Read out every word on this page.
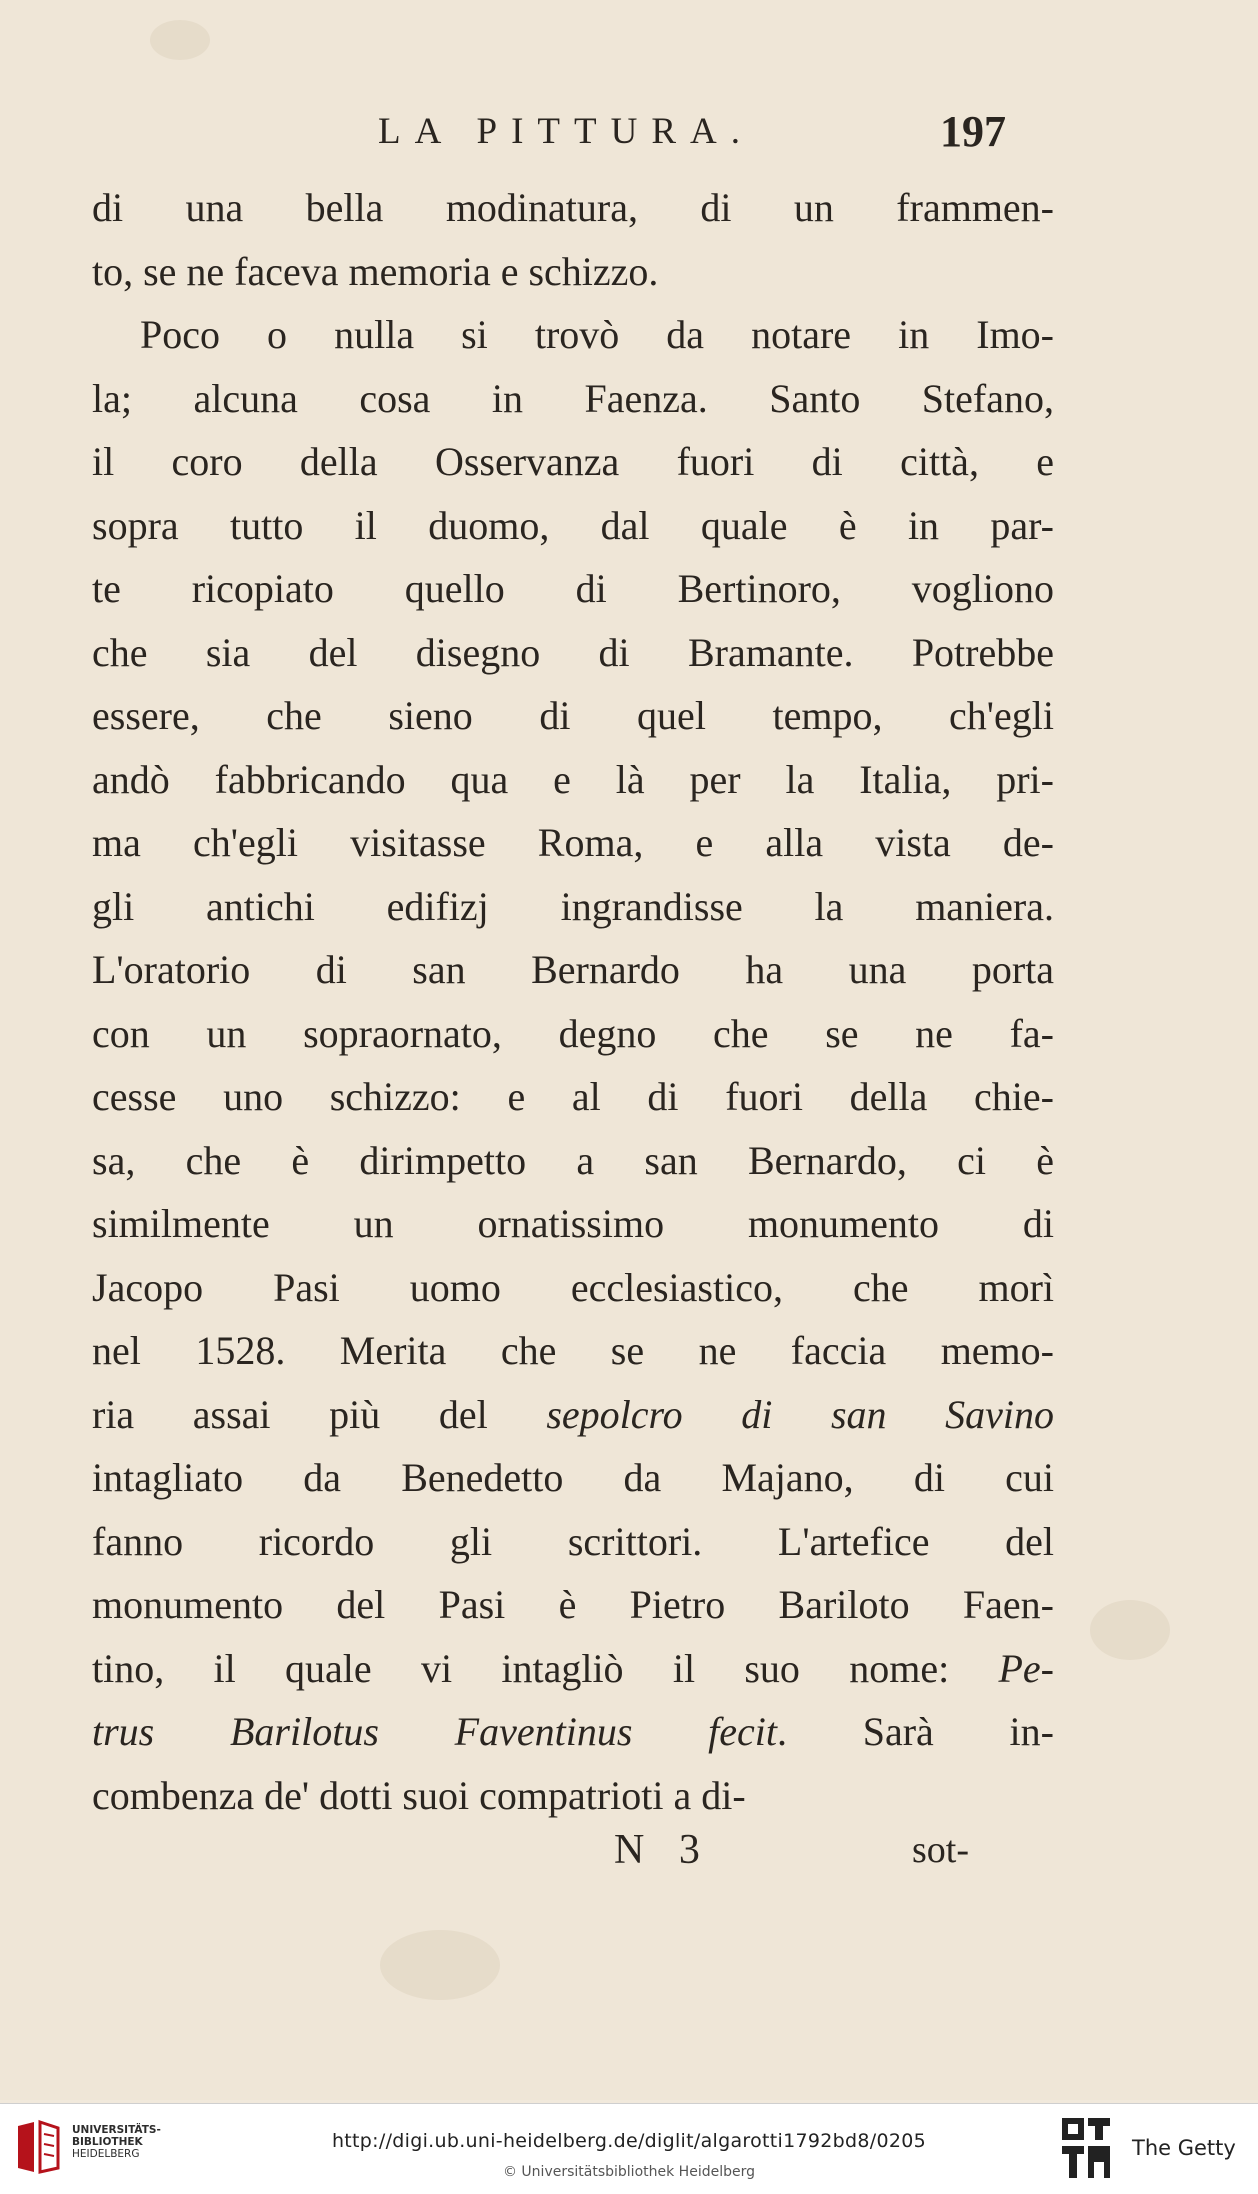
LA PITTURA.	197
di una bella modinatura, di un frammen-
to, se ne faceva memoria e schizzo.
Poco o nulla si trovò da notare in Imo-
la; alcuna cosa in Faenza. Santo Stefano,
il coro della Osservanza fuori di città, e
sopra tutto il duomo, dal quale è in par-
te ricopiato quello di Bertinoro, vogliono
che sia del disegno di Bramante. Potrebbe
essere, che sieno di quel tempo, ch'egli
andò fabbricando qua e là per la Italia, pri-
ma ch'egli visitasse Roma, e alla vista de-
gli antichi edifizj ingrandisse la maniera.
L'oratorio di san Bernardo ha una porta
con un sopraornato, degno che se ne fa-
cesse uno schizzo: e al di fuori della chie-
sa, che è dirimpetto a san Bernardo, ci è
similmente un ornatissimo monumento di
Jacopo Pasi uomo ecclesiastico, che morì
nel 1528. Merita che se ne faccia memo-
ria assai più del sepolcro di san Savino
intagliato da Benedetto da Majano, di cui
fanno ricordo gli scrittori. L'artefice del
monumento del Pasi è Pietro Bariloto Faen-
tino, il quale vi intagliò il suo nome: Pe-
trus Barilotus Faventinus fecit. Sarà in-
combenza de' dotti suoi compatrioti a di-
N 3	sot-
UNIVERSITÄTS-
BIBLIOTHEK
HEIDELBERG
http://digi.ub.uni-heidelberg.de/diglit/algarotti1792bd8/0205
© Universitätsbibliothek Heidelberg
The Getty
